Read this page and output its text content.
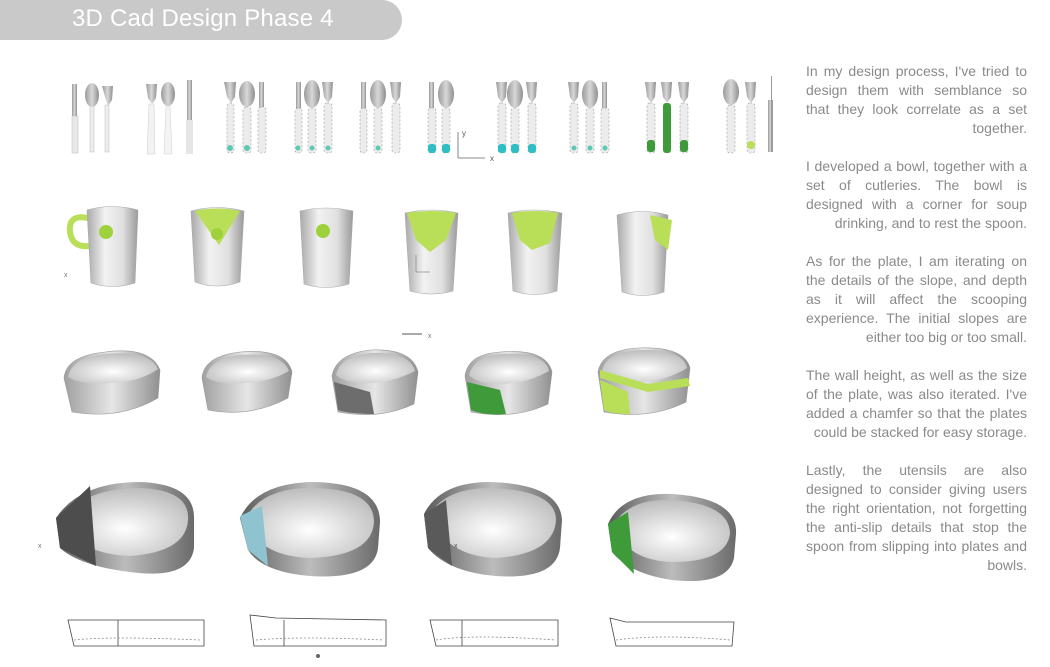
3D Cad Design Phase 4
y
x
x
x
x	x

In my design process, I've tried to design them with semblance so that they look correlate as a set together.

I developed a bowl, together with a set of cutleries. The bowl is designed with a corner for soup drinking, and to rest the spoon.

As for the plate, I am iterating on the details of the slope, and depth as it will affect the scooping experience. The initial slopes are either too big or too small.

The wall height, as well as the size of the plate, was also iterated. I've added a chamfer so that the plates could be stacked for easy storage.

Lastly, the utensils are also designed to consider giving users the right orientation, not forgetting the anti-slip details that stop the spoon from slipping into plates and bowls.
